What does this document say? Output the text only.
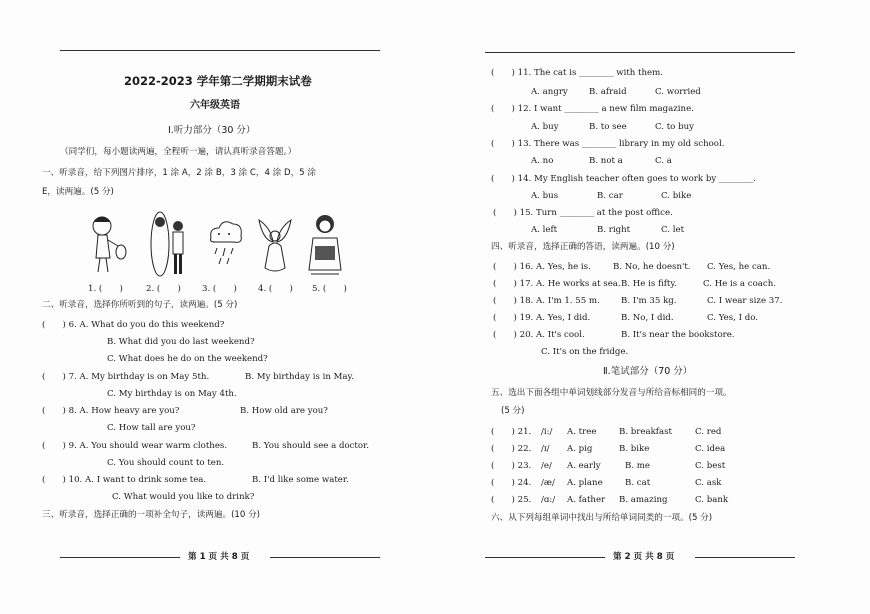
2022-2023 学年第二学期期末试卷
六年级英语
Ⅰ.听力部分（30 分）
（同学们，每小题读两遍，全程听一遍，请认真听录音答题。）
一、听录音，给下列图片排序，1 涂 A，2 涂 B，3 涂 C，4 涂 D，5 涂
E，读两遍。(5 分)
1. (　　)	2. (　　) 3. (　　) 4. (　　) 5. (　　)
二、听录音，选择你所听到的句子，读两遍。(5 分)
(　　) 6. A. What do you do this weekend?
B. What did you do last weekend?
C. What does he do on the weekend?
(　　) 7. A. My birthday is on May 5th.	B. My birthday is in May.
C. My birthday is on May 4th.
(　　) 8. A. How heavy are you?	B. How old are you?
C. How tall are you?
(　　) 9. A. You should wear warm clothes.	B. You should see a doctor.
C. You should count to ten.
(　　) 10. A. I want to drink some tea.	B. I'd like some water.
C. What would you like to drink?
三、听录音，选择正确的一项补全句子，读两遍。(10 分)
第 1 页 共 8 页
(　　) 11. The cat is ________ with them.
A. angry B. afraid	C. worried
(　　) 12. I want ________ a new film magazine.
A. buy	B. to see	C. to buy
(　　) 13. There was ________ library in my old school.
A. no	B. not a	C. a
(　　) 14. My English teacher often goes to work by ________.
A. bus	B. car	C. bike
(　　) 15. Turn ________ at the post office.
A. left	B. right	C. let
四、听录音，选择正确的答语，读两遍。(10 分)
(　　) 16. A. Yes, he is.	B. No, he doesn't. C. Yes, he can.
(　　) 17. A. He works at sea. B. He is fifty.	C. He is a coach.
(　　) 18. A. I'm 1. 55 m. B. I'm 35 kg.	C. I wear size 37.
(　　) 19. A. Yes, I did.	B. No, I did.	C. Yes, I do.
(　　) 20. A. It's cool.	B. It's near the bookstore.
C. It's on the fridge.
Ⅱ.笔试部分（70 分）
五、选出下面各组中单词划线部分发音与所给音标相同的一项。
(5 分)
(　　) 21. /i:/ A. tree	B. breakfast	C. red
(　　) 22. /ɪ/ A. pig	B. bike	C. idea
(　　) 23. /e/ A. early	B. me	C. best
(　　) 24. /æ/ A. plane	B. cat	C. ask
(　　) 25. /ɑ:/ A. father B. amazing	C. bank
六、从下列每组单词中找出与所给单词同类的一项。(5 分)
第 2 页 共 8 页
